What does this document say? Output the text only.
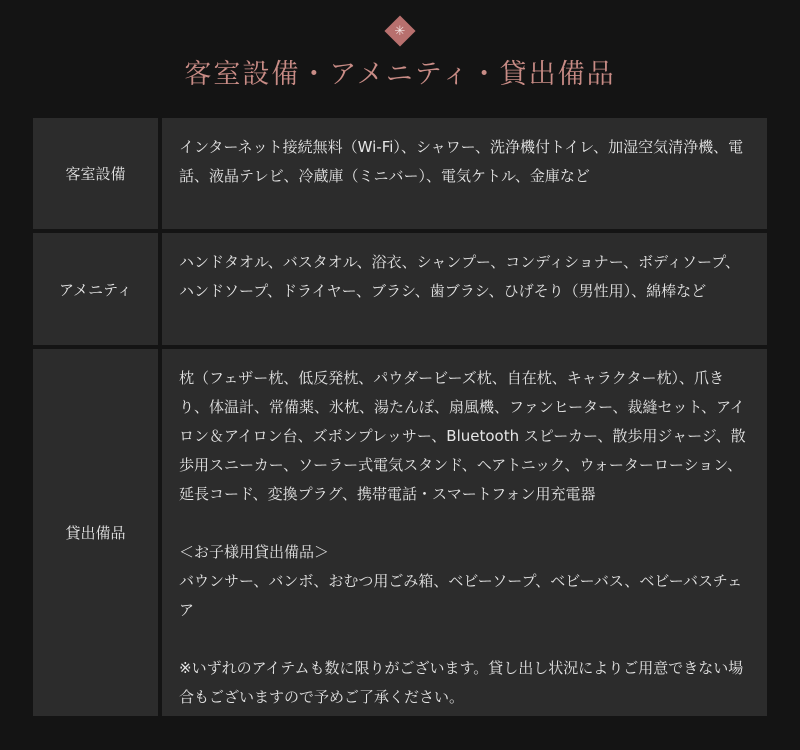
✳
客室設備・アメニティ・貸出備品
客室設備

インターネット接続無料（Wi-Fi）、シャワー、洗浄機付トイレ、加湿空気清浄機、電話、液晶テレビ、冷蔵庫（ミニバー）、電気ケトル、金庫など

アメニティ

ハンドタオル、バスタオル、浴衣、シャンプー、コンディショナー、ボディソープ、ハンドソープ、ドライヤー、ブラシ、歯ブラシ、ひげそり（男性用）、綿棒など

貸出備品

枕（フェザー枕、低反発枕、パウダービーズ枕、自在枕、キャラクター枕）、爪きり、体温計、常備薬、氷枕、湯たんぽ、扇風機、ファンヒーター、裁縫セット、アイロン＆アイロン台、ズボンプレッサー、Bluetooth スピーカー、散歩用ジャージ、散歩用スニーカー、ソーラー式電気スタンド、ヘアトニック、ウォーターローション、延長コード、変換プラグ、携帯電話・スマートフォン用充電器

＜お子様用貸出備品＞

バウンサー、バンボ、おむつ用ごみ箱、ベビーソープ、ベビーバス、ベビーバスチェア

※いずれのアイテムも数に限りがございます。貸し出し状況によりご用意できない場合もございますので予めご了承ください。
